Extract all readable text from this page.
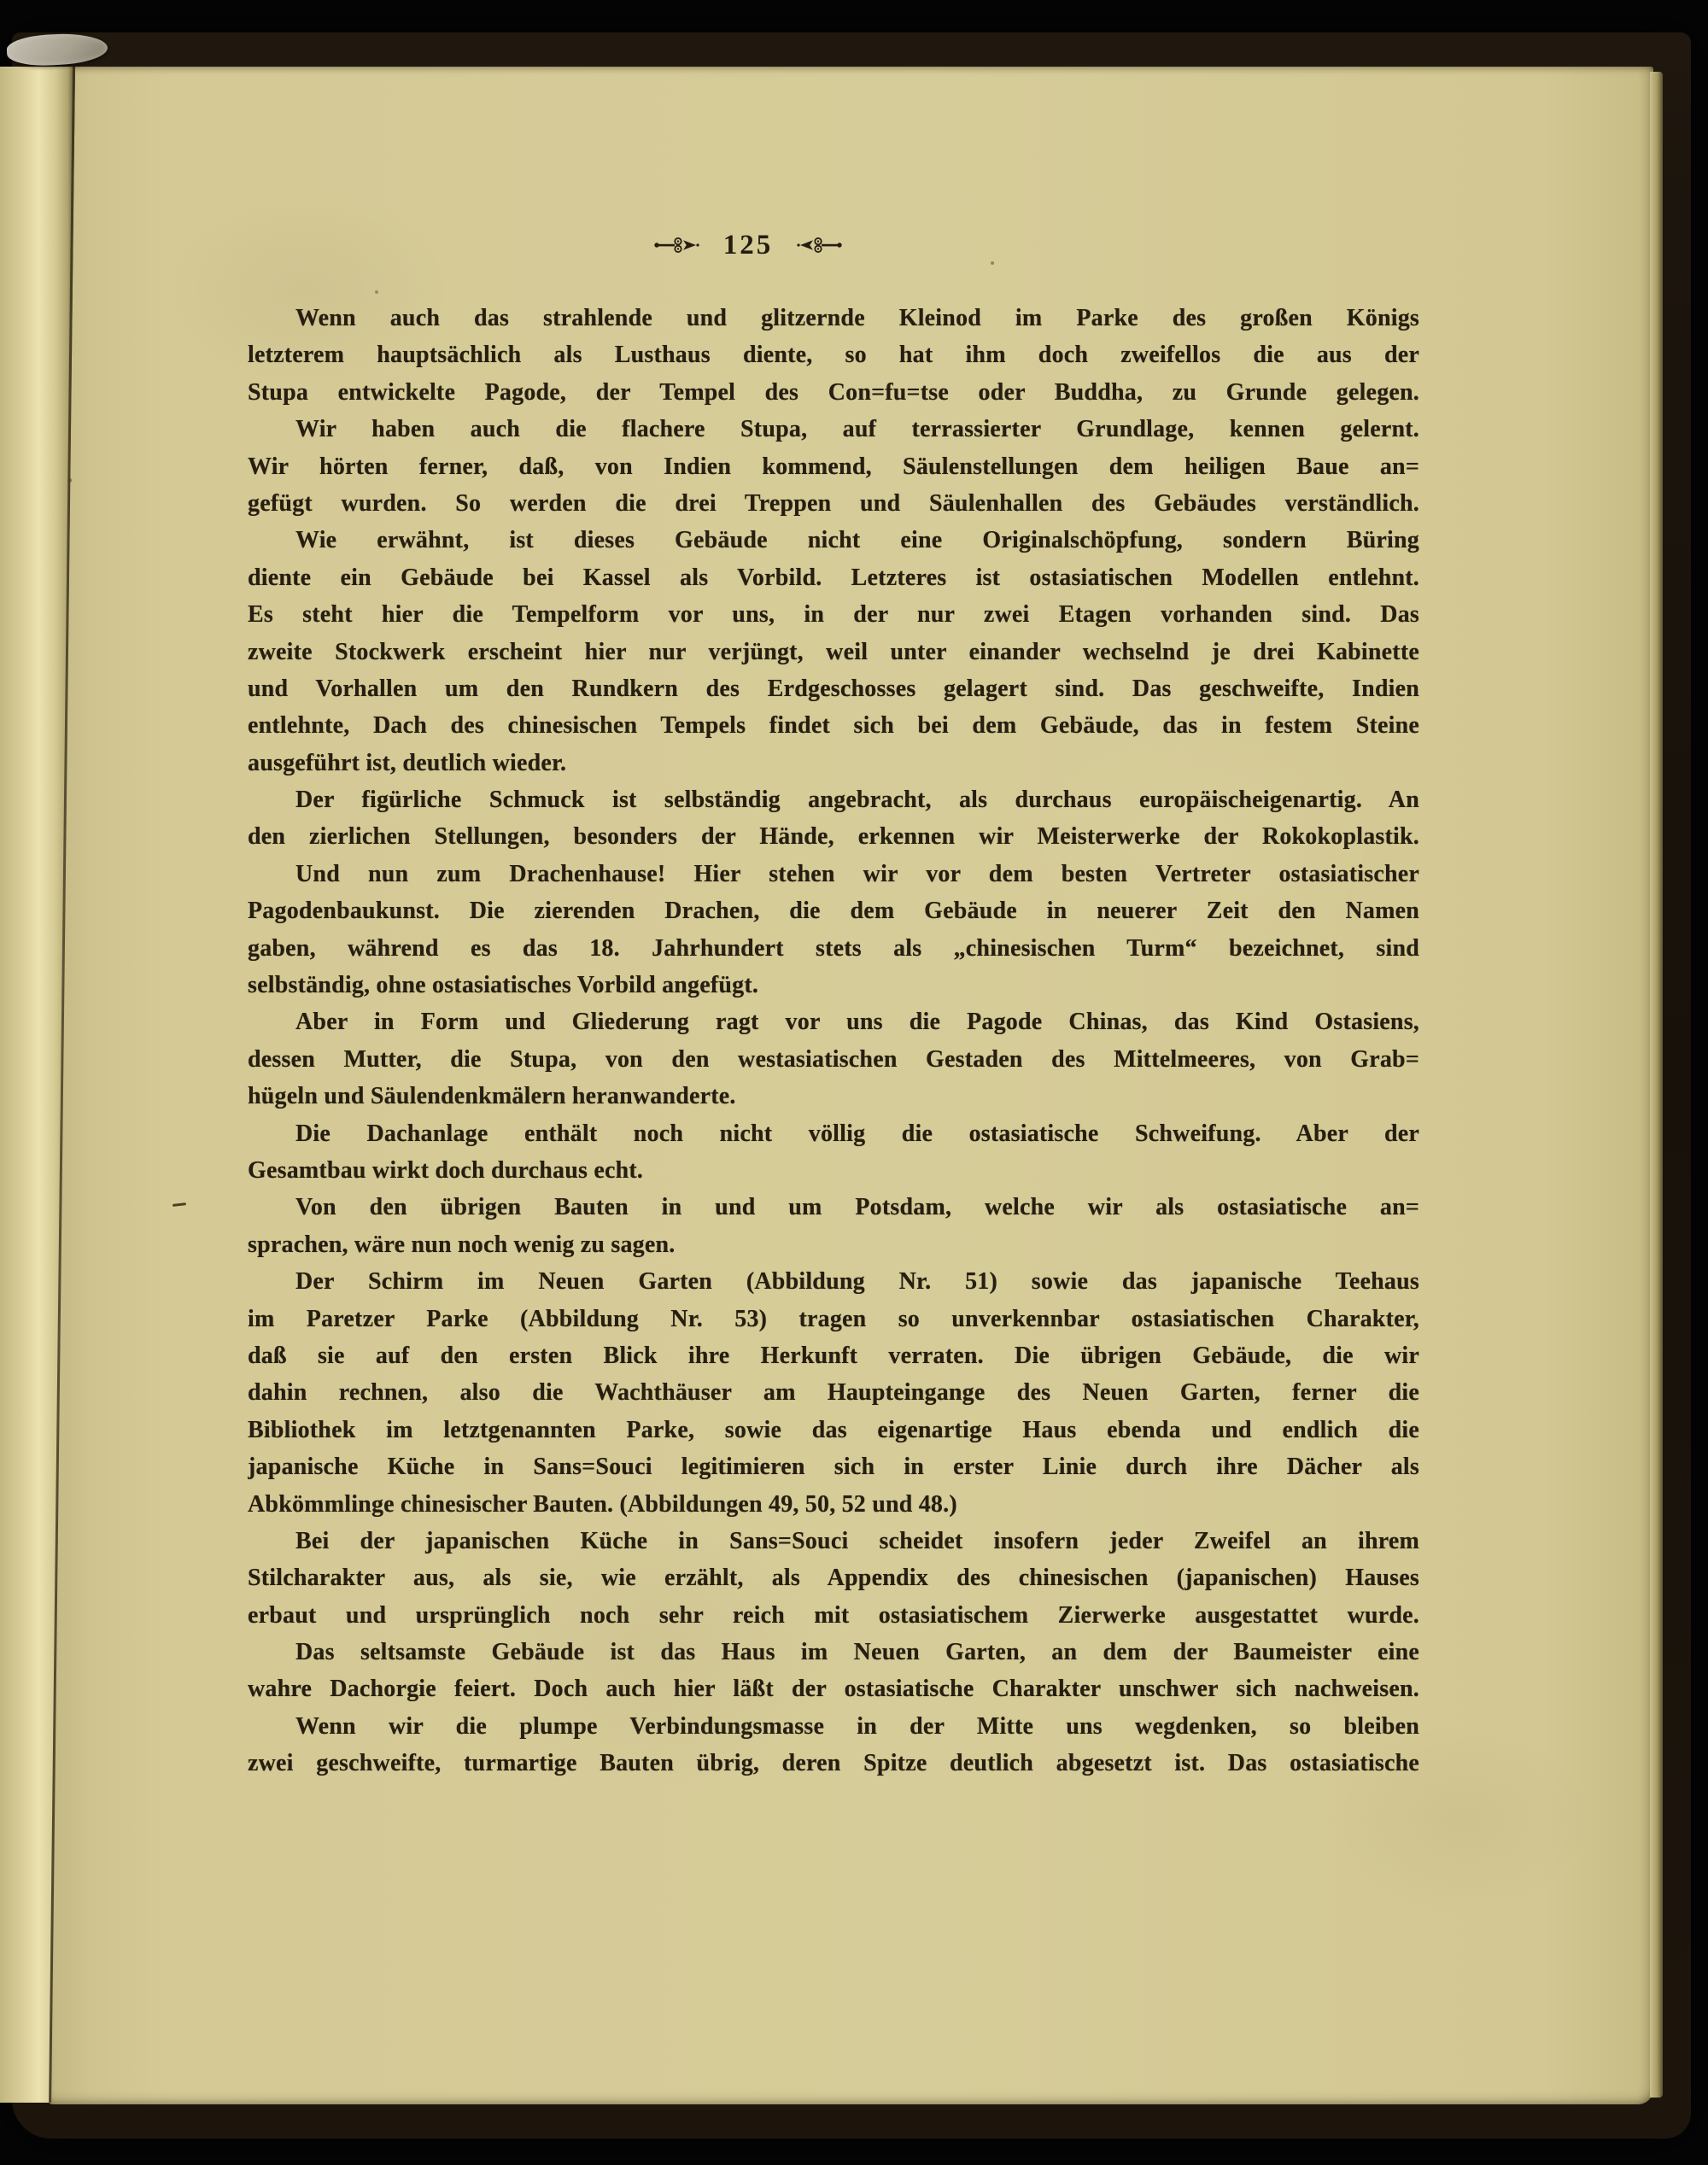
125
Wenn auch das strahlende und glitzernde Kleinod im Parke des großen Königs
letzterem hauptsächlich als Lusthaus diente, so hat ihm doch zweifellos die aus der
Stupa entwickelte Pagode, der Tempel des Con=fu=tse oder Buddha, zu Grunde gelegen.
Wir haben auch die flachere Stupa, auf terrassierter Grundlage, kennen gelernt.
Wir hörten ferner, daß, von Indien kommend, Säulenstellungen dem heiligen Baue an=
gefügt wurden. So werden die drei Treppen und Säulenhallen des Gebäudes verständlich.
Wie erwähnt, ist dieses Gebäude nicht eine Originalschöpfung, sondern Büring
diente ein Gebäude bei Kassel als Vorbild. Letzteres ist ostasiatischen Modellen entlehnt.
Es steht hier die Tempelform vor uns, in der nur zwei Etagen vorhanden sind. Das
zweite Stockwerk erscheint hier nur verjüngt, weil unter einander wechselnd je drei Kabinette
und Vorhallen um den Rundkern des Erdgeschosses gelagert sind. Das geschweifte, Indien
entlehnte, Dach des chinesischen Tempels findet sich bei dem Gebäude, das in festem Steine
ausgeführt ist, deutlich wieder.
Der figürliche Schmuck ist selbständig angebracht, als durchaus europäischeigenartig. An
den zierlichen Stellungen, besonders der Hände, erkennen wir Meisterwerke der Rokokoplastik.
Und nun zum Drachenhause! Hier stehen wir vor dem besten Vertreter ostasiatischer
Pagodenbaukunst. Die zierenden Drachen, die dem Gebäude in neuerer Zeit den Namen
gaben, während es das 18. Jahrhundert stets als „chinesischen Turm“ bezeichnet, sind
selbständig, ohne ostasiatisches Vorbild angefügt.
Aber in Form und Gliederung ragt vor uns die Pagode Chinas, das Kind Ostasiens,
dessen Mutter, die Stupa, von den westasiatischen Gestaden des Mittelmeeres, von Grab=
hügeln und Säulendenkmälern heranwanderte.
Die Dachanlage enthält noch nicht völlig die ostasiatische Schweifung. Aber der
Gesamtbau wirkt doch durchaus echt.
Von den übrigen Bauten in und um Potsdam, welche wir als ostasiatische an=
sprachen, wäre nun noch wenig zu sagen.
Der Schirm im Neuen Garten (Abbildung Nr. 51) sowie das japanische Teehaus
im Paretzer Parke (Abbildung Nr. 53) tragen so unverkennbar ostasiatischen Charakter,
daß sie auf den ersten Blick ihre Herkunft verraten. Die übrigen Gebäude, die wir
dahin rechnen, also die Wachthäuser am Haupteingange des Neuen Garten, ferner die
Bibliothek im letztgenannten Parke, sowie das eigenartige Haus ebenda und endlich die
japanische Küche in Sans=Souci legitimieren sich in erster Linie durch ihre Dächer als
Abkömmlinge chinesischer Bauten. (Abbildungen 49, 50, 52 und 48.)
Bei der japanischen Küche in Sans=Souci scheidet insofern jeder Zweifel an ihrem
Stilcharakter aus, als sie, wie erzählt, als Appendix des chinesischen (japanischen) Hauses
erbaut und ursprünglich noch sehr reich mit ostasiatischem Zierwerke ausgestattet wurde.
Das seltsamste Gebäude ist das Haus im Neuen Garten, an dem der Baumeister eine
wahre Dachorgie feiert. Doch auch hier läßt der ostasiatische Charakter unschwer sich nachweisen.
Wenn wir die plumpe Verbindungsmasse in der Mitte uns wegdenken, so bleiben
zwei geschweifte, turmartige Bauten übrig, deren Spitze deutlich abgesetzt ist. Das ostasiatische
